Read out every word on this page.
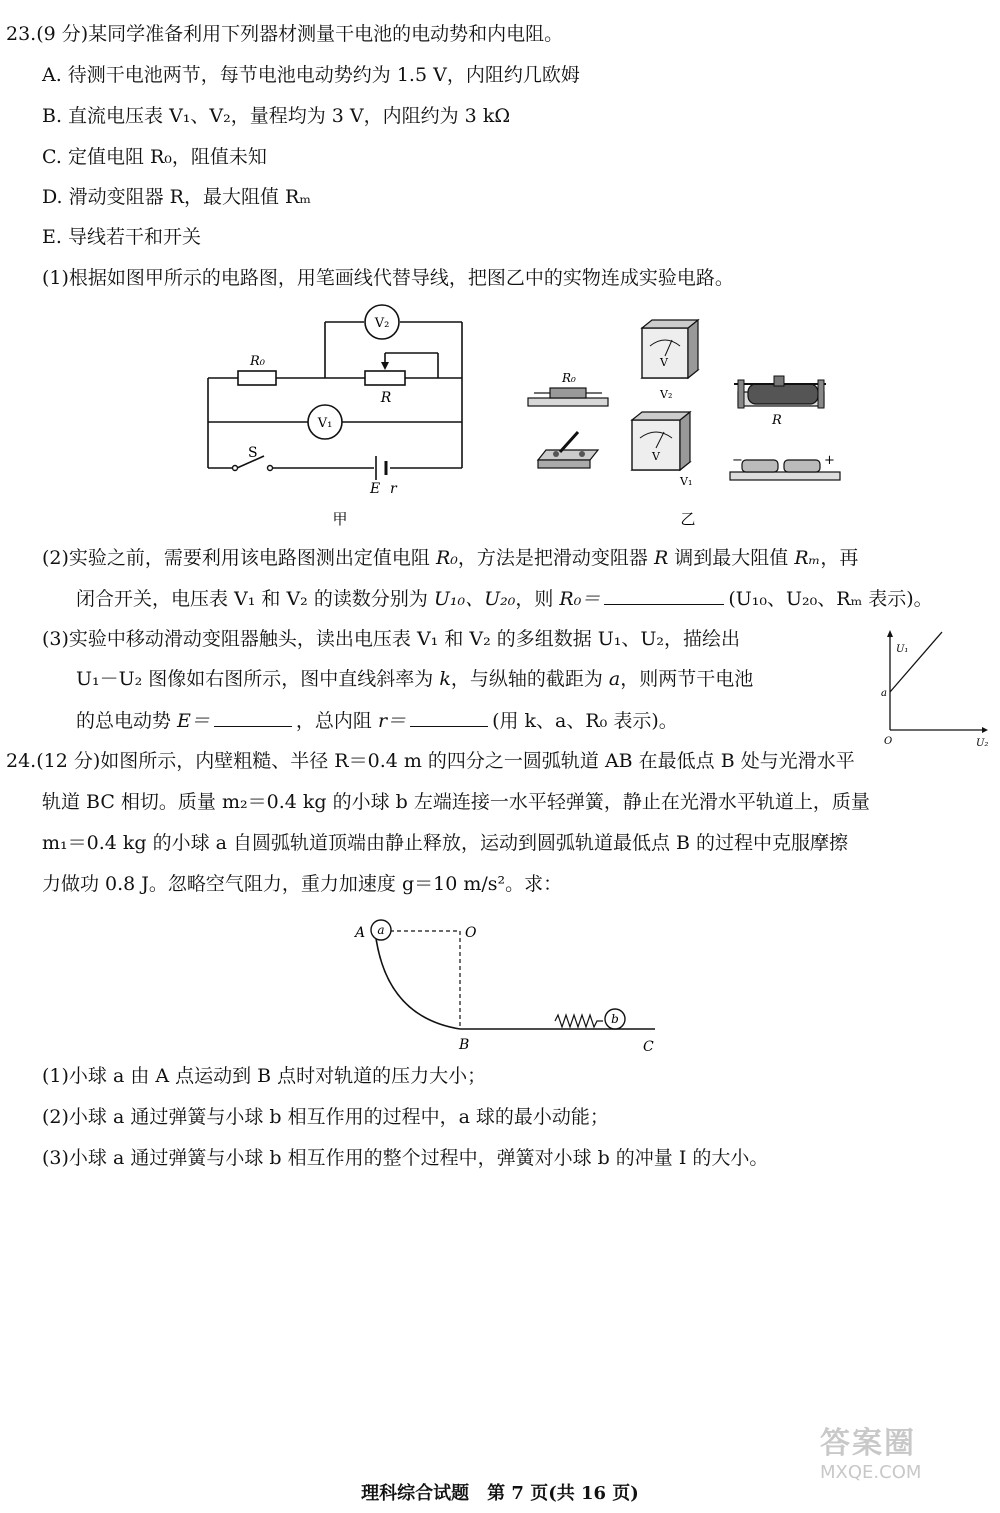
23.(9 分)某同学准备利用下列器材测量干电池的电动势和内电阻。
A. 待测干电池两节，每节电池电动势约为 1.5 V，内阻约几欧姆
B. 直流电压表 V₁、V₂，量程均为 3 V，内阻约为 3 kΩ
C. 定值电阻 R₀，阻值未知
D. 滑动变阻器 R，最大阻值 Rₘ
E. 导线若干和开关
(1)根据如图甲所示的电路图，用笔画线代替导线，把图乙中的实物连成实验电路。
V₂
V₁
R₀
R
S
E r
甲
R₀
V
V₂
V
V₁
R
−	+
乙
(2)实验之前，需要利用该电路图测出定值电阻 R₀，方法是把滑动变阻器 R 调到最大阻值 Rₘ，再
闭合开关，电压表 V₁ 和 V₂ 的读数分别为 U₁₀、U₂₀，则 R₀＝	(U₁₀、U₂₀、Rₘ 表示)。
(3)实验中移动滑动变阻器触头，读出电压表 V₁ 和 V₂ 的多组数据 U₁、U₂，描绘出
U₁－U₂ 图像如右图所示，图中直线斜率为 k，与纵轴的截距为 a，则两节干电池
的总电动势 E＝	，总内阻 r＝	(用 k、a、R₀ 表示)。
U₁
U₂
a
O
24.(12 分)如图所示，内壁粗糙、半径 R＝0.4 m 的四分之一圆弧轨道 AB 在最低点 B 处与光滑水平
轨道 BC 相切。质量 m₂＝0.4 kg 的小球 b 左端连接一水平轻弹簧，静止在光滑水平轨道上，质量
m₁＝0.4 kg 的小球 a 自圆弧轨道顶端由静止释放，运动到圆弧轨道最低点 B 的过程中克服摩擦
力做功 0.8 J。忽略空气阻力，重力加速度 g＝10 m/s²。求：
a
A	O
B	C
b
(1)小球 a 由 A 点运动到 B 点时对轨道的压力大小；
(2)小球 a 通过弹簧与小球 b 相互作用的过程中，a 球的最小动能；
(3)小球 a 通过弹簧与小球 b 相互作用的整个过程中，弹簧对小球 b 的冲量 I 的大小。
答案圈
MXQE.COM
理科综合试题　第 7 页(共 16 页)
